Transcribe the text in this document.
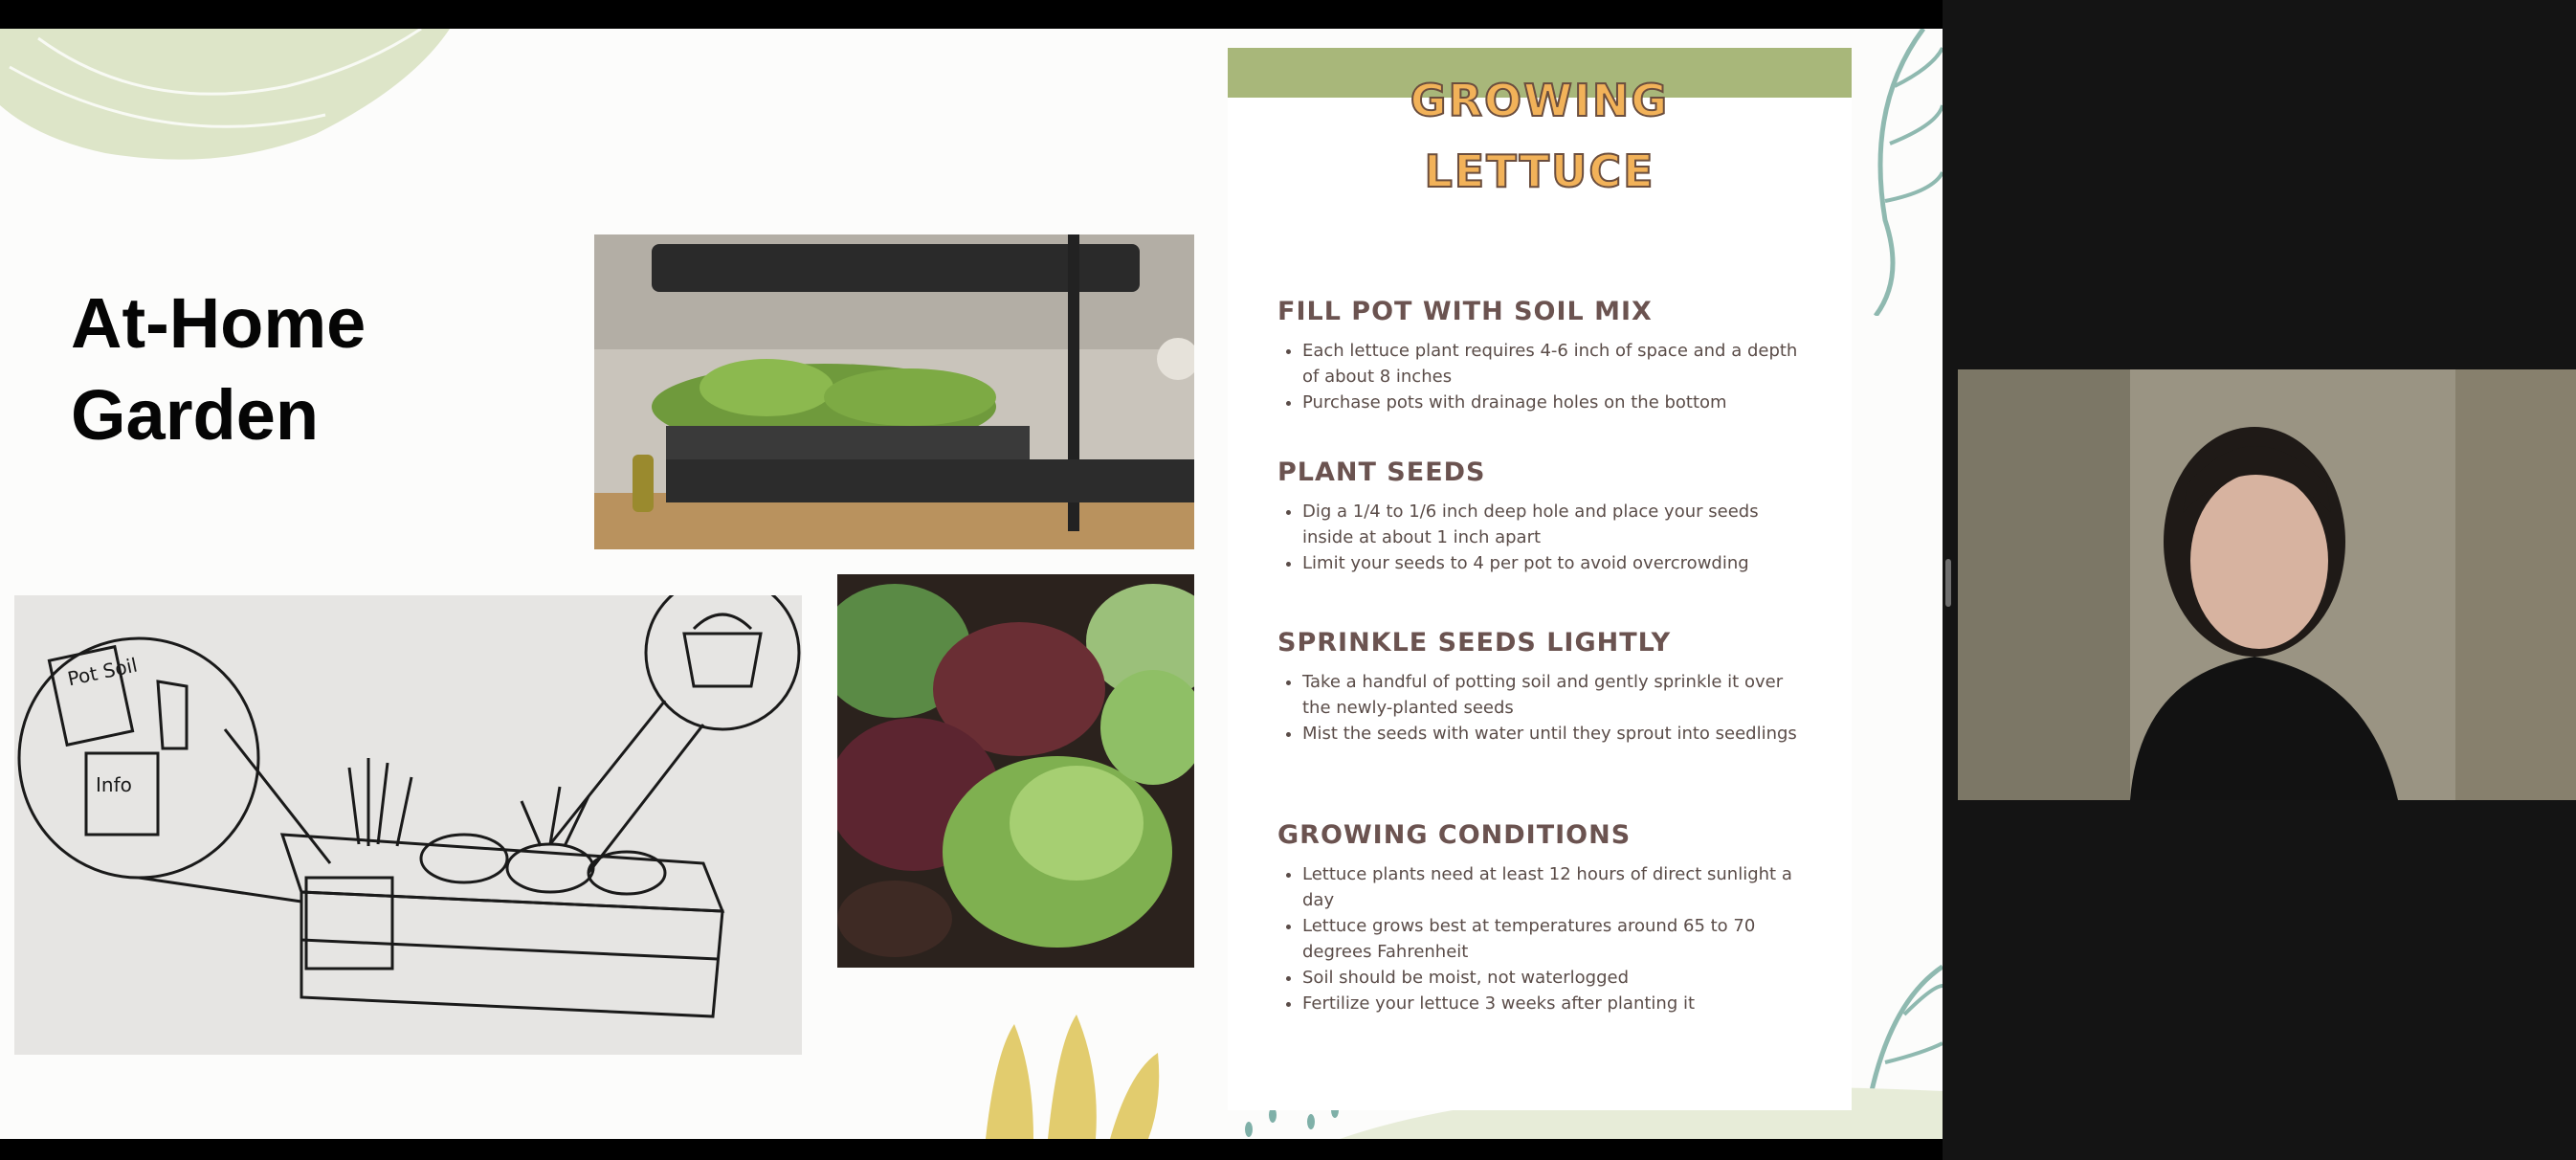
At-Home
Garden
Pot Soil
Info
GROWING
LETTUCE
FILL POT WITH SOIL MIX
• Each lettuce plant requires 4-6 inch of space and a depth of about 8 inches
• Purchase pots with drainage holes on the bottom
PLANT SEEDS
• Dig a 1/4 to 1/6 inch deep hole and place your seeds inside at about 1 inch apart
• Limit your seeds to 4 per pot to avoid overcrowding
SPRINKLE SEEDS LIGHTLY
• Take a handful of potting soil and gently sprinkle it over the newly-planted seeds
• Mist the seeds with water until they sprout into seedlings
GROWING CONDITIONS
• Lettuce plants need at least 12 hours of direct sunlight a day
• Lettuce grows best at temperatures around 65 to 70 degrees Fahrenheit
• Soil should be moist, not waterlogged
• Fertilize your lettuce 3 weeks after planting it
